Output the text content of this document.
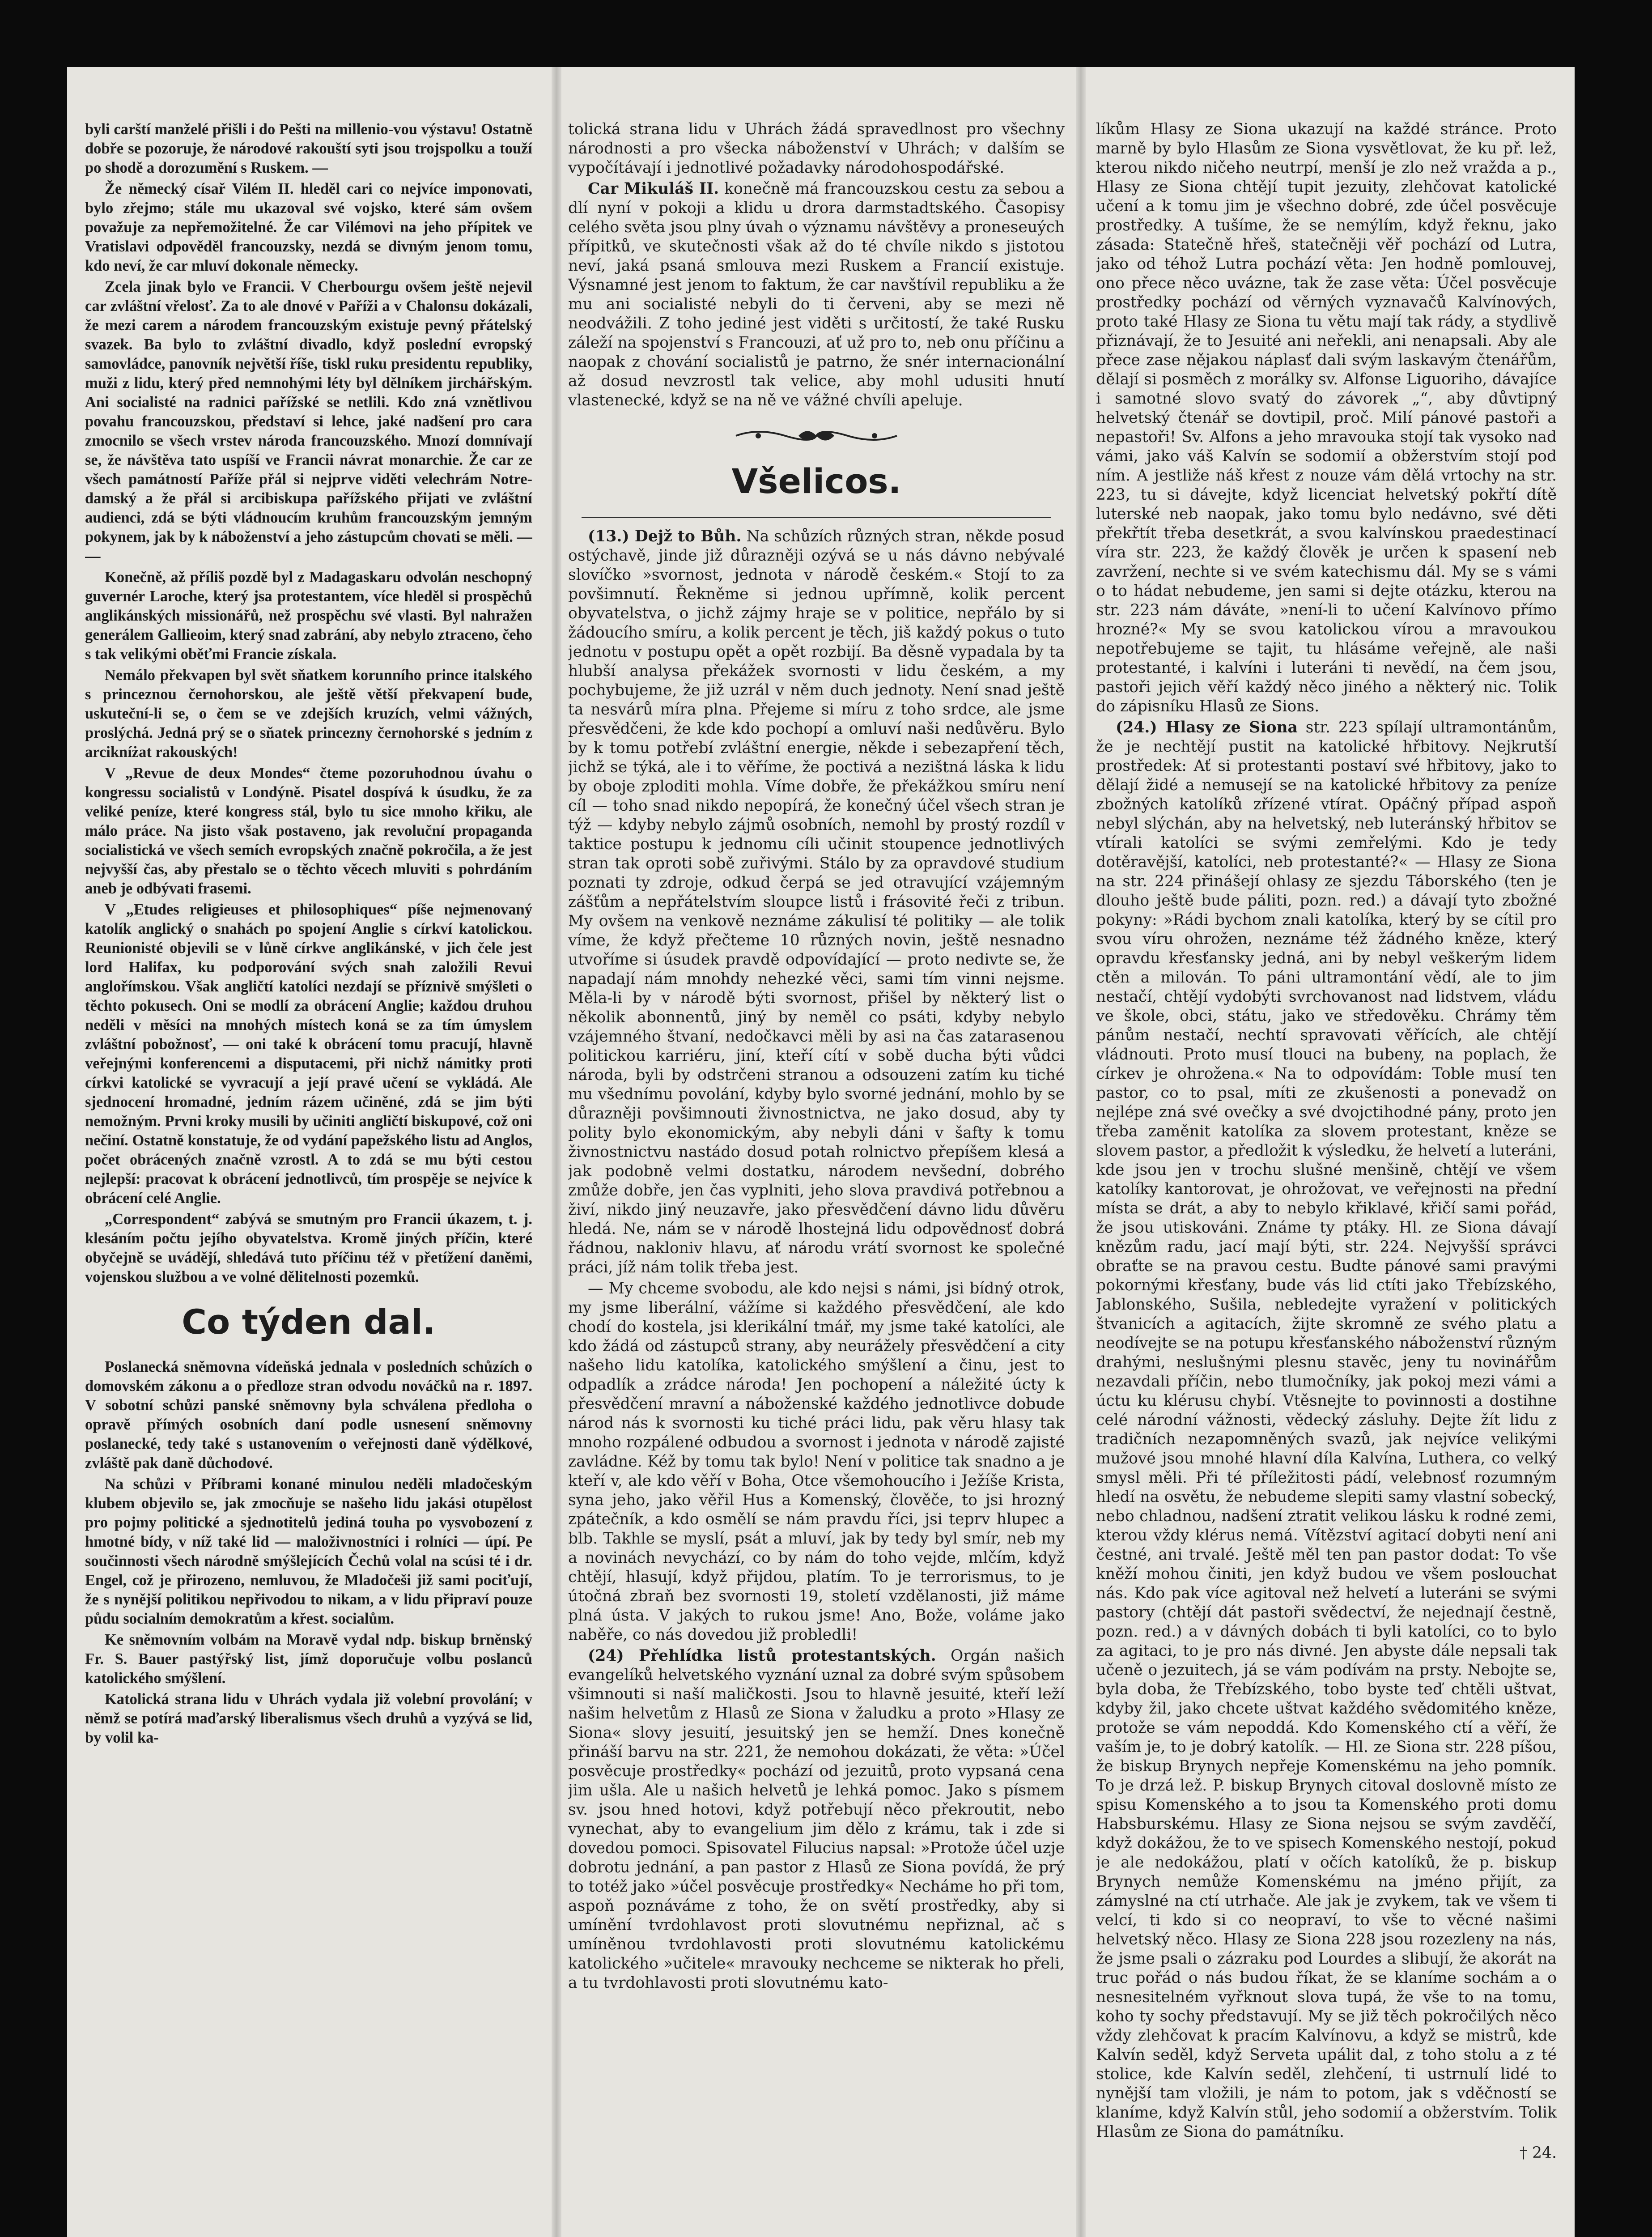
byli carští manželé přišli i do Pešti na millenio-vou výstavu! Ostatně dobře se pozoruje, že národové rakouští syti jsou trojspolku a touží po shodě a dorozumění s Ruskem. —

Že německý císař Vilém II. hleděl cari co nejvíce imponovati, bylo zřejmo; stále mu ukazoval své vojsko, které sám ovšem považuje za nepřemožitelné. Že car Vilémovi na jeho přípitek ve Vratislavi odpověděl francouzsky, nezdá se divným jenom tomu, kdo neví, že car mluví dokonale německy.

Zcela jinak bylo ve Francii. V Cherbourgu ovšem ještě nejevil car zvláštní vřelosť. Za to ale dnové v Paříži a v Chalonsu dokázali, že mezi carem a národem francouzským existuje pevný přátelský svazek. Ba bylo to zvláštní divadlo, když poslední evropský samovládce, panovník největší říše, tiskl ruku presidentu republiky, muži z lidu, který před nemnohými léty byl dělníkem jirchářským. Ani socialisté na radnici pařížské se netlili. Kdo zná vznětlivou povahu francouzskou, představí si lehce, jaké nadšení pro cara zmocnilo se všech vrstev národa francouzského. Mnozí domnívají se, že návštěva tato uspíší ve Francii návrat monarchie. Že car ze všech památností Paříže přál si nejprve viděti velechrám Notre-damský a že přál si arcibiskupa pařížského přijati ve zvláštní audienci, zdá se býti vládnoucím kruhům francouzským jemným pokynem, jak by k náboženství a jeho zástupcům chovati se měli. — —

Konečně, až příliš pozdě byl z Madagaskaru odvolán neschopný guvernér Laroche, který jsa protestantem, více hleděl si prospěchů anglikánských missionářů, než prospěchu své vlasti. Byl nahražen generálem Gallieoim, který snad zabrání, aby nebylo ztraceno, čeho s tak velikými oběťmi Francie získala.

Nemálo překvapen byl svět sňatkem korunního prince italského s princeznou černohorskou, ale ještě větší překvapení bude, uskuteční-li se, o čem se ve zdejších kruzích, velmi vážných, proslýchá. Jedná prý se o sňatek princezny černohorské s jedním z arcikníżat rakouských!

V „Revue de deux Mondes“ čteme pozoruhodnou úvahu o kongressu socialistů v Londýně. Pisatel dospívá k úsudku, že za veliké peníze, které kongress stál, bylo tu sice mnoho křiku, ale málo práce. Na jisto však postaveno, jak revoluční propaganda socialistická ve všech semích evropských značně pokročila, a že jest nejvyšší čas, aby přestalo se o těchto věcech mluviti s pohrdáním aneb je odbývati frasemi.

V „Etudes religieuses et philosophiques“ píše nejmenovaný katolík anglický o snahách po spojení Anglie s církví katolickou. Reunionisté objevili se v lůně církve anglikánské, v jich čele jest lord Halifax, ku podporování svých snah založili Revui anglořímskou. Však angličtí katolíci nezdají se příznivě smýšleti o těchto pokusech. Oni se modlí za obrácení Anglie; každou druhou neděli v měsíci na mnohých místech koná se za tím úmyslem zvláštní pobožnosť, — oni také k obrácení tomu pracují, hlavně veřejnými konferencemi a disputacemi, při nichž námitky proti církvi katolické se vyvracují a její pravé učení se vykládá. Ale sjednocení hromadné, jedním rázem učiněné, zdá se jim býti nemožným. Prvni kroky musili by učiniti angličtí biskupové, což oni nečiní. Ostatně konstatuje, že od vydání papežského listu ad Anglos, počet obrácených značně vzrostl. A to zdá se mu býti cestou nejlepší: pracovat k obrácení jednotlivců, tím prospěje se nejvíce k obrácení celé Anglie.

„Correspondent“ zabývá se smutným pro Francii úkazem, t. j. klesáním počtu jejího obyvatelstva. Kromě jiných příčin, které obyčejně se uvádějí, shledává tuto příčinu též v přetížení daněmi, vojenskou službou a ve volné dělitelnosti pozemků.

Co týden dal.

Poslanecká sněmovna vídeňská jednala v posledních schůzích o domovském zákonu a o předloze stran odvodu nováčků na r. 1897. V sobotní schůzi panské sněmovny byla schválena předloha o opravě přímých osobních daní podle usnesení sněmovny poslanecké, tedy také s ustanovením o veřejnosti daně výdělkové, zvláště pak daně důchodové.

Na schůzi v Příbrami konané minulou neděli mladočeským klubem objevilo se, jak zmocňuje se našeho lidu jakási otupělost pro pojmy politické a sjednotitelů jediná touha po vysvobození z hmotné bídy, v níž také lid — maloživnostníci i rolníci — úpí. Pe součinnosti všech národně smýšlejících Čechů volal na scúsi té i dr. Engel, což je přirozeno, nemluvou, že Mladočeši již sami pociťují, že s nynější politikou nepřivodou to nikam, a v lidu připraví pouze půdu socialním demokratům a křest. socialům.

Ke sněmovním volbám na Moravě vydal ndp. biskup brněnský Fr. S. Bauer pastýřský list, jímž doporučuje volbu poslanců katolického smýšlení.

Katolická strana lidu v Uhrách vydala již volební provolání; v němž se potírá maďarský liberalismus všech druhů a vyzývá se lid, by volil ka-

tolická strana lidu v Uhrách žádá spravedlnost pro všechny národnosti a pro všecka náboženství v Uhrách; v dalším se vypočítávají i jednotlivé požadavky národohospodářské.

Car Mikuláš II. konečně má francouzskou cestu za sebou a dlí nyní v pokoji a klidu u drora darmstadtského. Časopisy celého světa jsou plny úvah o významu návštěvy a proneseuých přípitků, ve skutečnosti však až do té chvíle nikdo s jistotou neví, jaká psaná smlouva mezi Ruskem a Francií existuje. Výsnamné jest jenom to faktum, že car navštívil republiku a že mu ani socialisté nebyli do ti červeni, aby se mezi ně neodvážili. Z toho jediné jest viděti s určitostí, že také Rusku záleží na spojenství s Francouzi, ať už pro to, neb onu příčinu a naopak z chování socialistů je patrno, že snér internacionální až dosud nevzrostl tak velice, aby mohl udusiti hnutí vlastenecké, když se na ně ve vážné chvíli apeluje.

Všelicos.

(13.) Dejž to Bůh. Na schůzích různých stran, někde posud ostýchavě, jinde již důrazněji ozývá se u nás dávno nebývalé slovíčko »svornost, jednota v národě českém.« Stojí to za povšimnutí. Řekněme si jednou upřímně, kolik percent obyvatelstva, o jichž zájmy hraje se v politice, nepřálo by si žádoucího smíru, a kolik percent je těch, jiš každý pokus o tuto jednotu v postupu opět a opět rozbijí. Ba děsně vypadala by ta hlubší analysa překážek svornosti v lidu českém, a my pochybujeme, že již uzrál v něm duch jednoty. Není snad ještě ta nesvárů míra plna. Přejeme si míru z toho srdce, ale jsme přesvědčeni, že kde kdo pochopí a omluví naši nedůvěru. Bylo by k tomu potřebí zvláštní energie, někde i sebezapření těch, jichž se týká, ale i to věříme, že poctivá a nezištná láska k lidu by oboje zploditi mohla. Víme dobře, že překážkou smíru není cíl — toho snad nikdo nepopírá, že konečný účel všech stran je týž — kdyby nebylo zájmů osobních, nemohl by prostý rozdíl v taktice postupu k jednomu cíli učinit stoupence jednotlivých stran tak oproti sobě zuřivými. Stálo by za opravdové studium poznati ty zdroje, odkud čerpá se jed otravující vzájemným zášťům a nepřátelstvím sloupce listů i frásovité řeči z tribun. My ovšem na venkově neznáme zákulisí té politiky — ale tolik víme, že když přečteme 10 různých novin, ještě nesnadno utvoříme si úsudek pravdě odpovídající — proto nedivte se, že napadají nám mnohdy nehezké věci, sami tím vinni nejsme. Měla-li by v národě býti svornost, přišel by některý list o několik abonnentů, jiný by neměl co psáti, kdyby nebylo vzájemného štvaní, nedočkavci měli by asi na čas zatarasenou politickou karriéru, jiní, kteří cítí v sobě ducha býti vůdci národa, byli by odstrčeni stranou a odsouzeni zatím ku tiché mu všednímu povolání, kdyby bylo svorné jednání, mohlo by se důrazněji povšimnouti živnostnictva, ne jako dosud, aby ty polity bylo ekonomickým, aby nebyli dáni v šafty k tomu živnostnictvu nastádo dosud potah rolnictvo přepíšem klesá a jak podobně velmi dostatku, národem nevšední, dobrého zmůže dobře, jen čas vyplniti, jeho slova pravdivá potřebnou a živí, nikdo jiný neuzavře, jako přesvědčení dávno lidu důvěru hledá. Ne, nám se v národě lhostejná lidu odpovědnosť dobrá řádnou, nakloniv hlavu, ať národu vrátí svornost ke společné práci, jíž nám tolik třeba jest.

— My chceme svobodu, ale kdo nejsi s námi, jsi bídný otrok, my jsme liberální, vážíme si každého přesvědčení, ale kdo chodí do kostela, jsi klerikální tmář, my jsme také katolíci, ale kdo žádá od zástupců strany, aby neurážely přesvědčení a city našeho lidu katolíka, katolického smýšlení a činu, jest to odpadlík a zrádce národa! Jen pochopení a náležité úcty k přesvědčení mravní a náboženské každého jednotlivce dobude národ nás k svornosti ku tiché práci lidu, pak věru hlasy tak mnoho rozpálené odbudou a svornost i jednota v národě zajisté zavládne. Kéž by tomu tak bylo! Není v politice tak snadno a je kteří v, ale kdo věří v Boha, Otce všemohoucího i Ježíše Krista, syna jeho, jako věřil Hus a Komenský, člověče, to jsi hrozný zpátečník, a kdo osmělí se nám pravdu říci, jsi teprv hlupec a blb. Takhle se myslí, psát a mluví, jak by tedy byl smír, neb my a novinách nevychází, co by nám do toho vejde, mlčím, když chtějí, hlasují, když přijdou, platím. To je terrorismus, to je útočná zbraň bez svornosti 19, století vzdělanosti, již máme plná ústa. V jakých to rukou jsme! Ano, Bože, voláme jako naběře, co nás dovedou již probledli!

(24) Přehlídka listů protestantských. Orgán našich evangelíků helvetského vyznání uznal za dobré svým spůsobem všimnouti si naší maličkosti. Jsou to hlavně jesuité, kteří leží našim helvetům z Hlasů ze Siona v žaludku a proto »Hlasy ze Siona« slovy jesuití, jesuitský jen se hemží. Dnes konečně přináší barvu na str. 221, že nemohou dokázati, že věta: »Účel posvěcuje prostředky« pochází od jezuitů, proto vypsaná cena jim ušla. Ale u našich helvetů je lehká pomoc. Jako s písmem sv. jsou hned hotovi, když potřebují něco překroutit, nebo vynechat, aby to evangelium jim dělo z krámu, tak i zde si dovedou pomoci. Spisovatel Filucius napsal: »Protože účel uzje dobrotu jednání, a pan pastor z Hlasů ze Siona povídá, že prý to totéž jako »účel posvěcuje prostředky« Necháme ho při tom, aspoň poznáváme z toho, že on světí prostředky, aby si umínění tvrdohlavost proti slovutnému nepřiznal, ač s umíněnou tvrdohlavosti proti slovutnému katolickému katolického »učitele« mravouky nechceme se nikterak ho přeli, a tu tvrdohlavosti proti slovutnému kato-

líkům Hlasy ze Siona ukazují na každé stránce. Proto marně by bylo Hlasům ze Siona vysvětlovat, že ku př. lež, kterou nikdo ničeho neutrpí, menší je zlo než vražda a p., Hlasy ze Siona chtějí tupit jezuity, zlehčovat katolické učení a k tomu jim je všechno dobré, zde účel posvěcuje prostředky. A tušíme, že se nemýlím, když řeknu, jako zásada: Statečně hřeš, statečněji věř pochází od Lutra, jako od téhož Lutra pochází věta: Jen hodně pomlouvej, ono přece něco uvázne, tak že zase věta: Účel posvěcuje prostředky pochází od věrných vyznavačů Kalvínových, proto také Hlasy ze Siona tu větu mají tak rády, a stydlivě přiznávají, že to Jesuité ani neřekli, ani nenapsali. Aby ale přece zase nějakou náplasť dali svým laskavým čtenářům, dělají si posměch z morálky sv. Alfonse Liguoriho, dávajíce i samotné slovo svatý do závorek „“, aby důvtipný helvetský čtenář se dovtipil, proč. Milí pánové pastoři a nepastoři! Sv. Alfons a jeho mravouka stojí tak vysoko nad vámi, jako váš Kalvín se sodomií a obžerstvím stojí pod ním. A jestliže náš křest z nouze vám dělá vrtochy na str. 223, tu si dávejte, když licenciat helvetský pokřtí dítě luterské neb naopak, jako tomu bylo nedávno, své děti překřtít třeba desetkrát, a svou kalvínskou praedestinací víra str. 223, že každý člověk je určen k spasení neb zavržení, nechte si ve svém katechismu dál. My se s vámi o to hádat nebudeme, jen sami si dejte otázku, kterou na str. 223 nám dáváte, »není-li to učení Kalvínovo přímo hrozné?« My se svou katolickou vírou a mravoukou nepotřebujeme se tajit, tu hlásáme veřejně, ale naši protestanté, i kalvíni i luteráni ti nevědí, na čem jsou, pastoři jejich věří každý něco jiného a některý nic. Tolik do zápisníku Hlasů ze Sions.

(24.) Hlasy ze Siona str. 223 spílají ultramontánům, že je nechtějí pustit na katolické hřbitovy. Nejkrutší prostředek: Ať si protestanti postaví své hřbitovy, jako to dělají židé a nemusejí se na katolické hřbitovy za peníze zbožných katolíků zřízené vtírat. Opáčný případ aspoň nebyl slýchán, aby na helvetský, neb luteránský hřbitov se vtírali katolíci se svými zemřelými. Kdo je tedy dotěravější, katolíci, neb protestanté?« — Hlasy ze Siona na str. 224 přinášejí ohlasy ze sjezdu Táborského (ten je dlouho ještě bude páliti, pozn. red.) a dávají tyto zbožné pokyny: »Rádi bychom znali katolíka, který by se cítil pro svou víru ohrožen, neznáme též žádného kněze, který opravdu křesťansky jedná, ani by nebyl veškerým lidem ctěn a milován. To páni ultramontání vědí, ale to jim nestačí, chtějí vydobýti svrchovanost nad lidstvem, vládu ve škole, obci, státu, jako ve středověku. Chrámy těm pánům nestačí, nechtí spravovati věřících, ale chtějí vládnouti. Proto musí tlouci na bubeny, na poplach, že církev je ohrožena.« Na to odpovídám: Toble musí ten pastor, co to psal, míti ze zkušenosti a ponevadž on nejlépe zná své ovečky a své dvojctihodné pány, proto jen třeba zaměnit katolíka za slovem protestant, kněze se slovem pastor, a předložit k výsledku, že helvetí a luteráni, kde jsou jen v trochu slušné menšině, chtějí ve všem katolíky kantorovat, je ohrožovat, ve veřejnosti na přední místa se drát, a aby to nebylo křiklavé, křičí sami pořád, že jsou utiskováni. Známe ty ptáky. Hl. ze Siona dávají knězům radu, jací mají býti, str. 224. Nejvyšší správci obraťte se na pravou cestu. Budte pánové sami pravými pokornými křesťany, bude vás lid ctíti jako Třebízského, Jablonského, Sušila, nebledejte vyražení v politických štvanicích a agitacích, žijte skromně ze svého platu a neodívejte se na potupu křesťanského náboženství různým drahými, neslušnými plesnu stavěc, jeny tu novinářům nezavdali příčin, nebo tlumočníky, jak pokoj mezi vámi a úctu ku klérusu chybí. Vtěsnejte to povinnosti a dostihne celé národní vážnosti, vědecký zásluhy. Dejte žít lidu z tradičních nezapomněných svazů, jak nejvíce velikými mužové jsou mnohé hlavní díla Kalvína, Luthera, co velký smysl měli. Při té příležitosti pádí, velebnosť rozumným hledí na osvětu, že nebudeme slepiti samy vlastní sobecký, nebo chladnou, nadšení ztratit velikou lásku k rodné zemi, kterou vždy klérus nemá. Vítězství agitací dobyti není ani čestné, ani trvalé. Ještě měl ten pan pastor dodat: To vše kněží mohou činiti, jen když budou ve všem poslouchat nás. Kdo pak více agitoval než helvetí a luteráni se svými pastory (chtějí dát pastoři svědectví, že nejednají čestně, pozn. red.) a v dávných dobách ti byli katolíci, co to bylo za agitaci, to je pro nás divné. Jen abyste dále nepsali tak učeně o jezuitech, já se vám podívám na prsty. Nebojte se, byla doba, že Třebízského, tobo byste teď chtěli uštvat, kdyby žil, jako chcete uštvat každého svědomitého kněze, protože se vám nepoddá. Kdo Komenského ctí a věří, že vaším je, to je dobrý katolík. — Hl. ze Siona str. 228 píšou, že biskup Brynych nepřeje Komenskému na jeho pomník. To je drzá lež. P. biskup Brynych citoval doslovně místo ze spisu Komenského a to jsou ta Komenského proti domu Habsburskému. Hlasy ze Siona nejsou se svým zavděčí, když dokážou, že to ve spisech Komenského nestojí, pokud je ale nedokážou, platí v očích katolíků, že p. biskup Brynych nemůže Komenskému na jméno přijít, za zámyslné na ctí utrhače. Ale jak je zvykem, tak ve všem ti velcí, ti kdo si co neopraví, to vše to věcné našimi helvetský něco. Hlasy ze Siona 228 jsou rozezleny na nás, že jsme psali o zázraku pod Lourdes a slibují, že akorát na truc pořád o nás budou říkat, že se klaníme sochám a o nesnesitelném vyřknout slova tupá, že vše to na tomu, koho ty sochy představují. My se již těch pokročilých něco vždy zlehčovat k pracím Kalvínovu, a když se mistrů, kde Kalvín seděl, když Serveta upálit dal, z toho stolu a z té stolice, kde Kalvín seděl, zlehčení, ti ustrnulí lidé to nynější tam vložili, je nám to potom, jak s vděčností se klaníme, když Kalvín stůl, jeho sodomií a obžerstvím. Tolik Hlasům ze Siona do památníku.

† 24.
